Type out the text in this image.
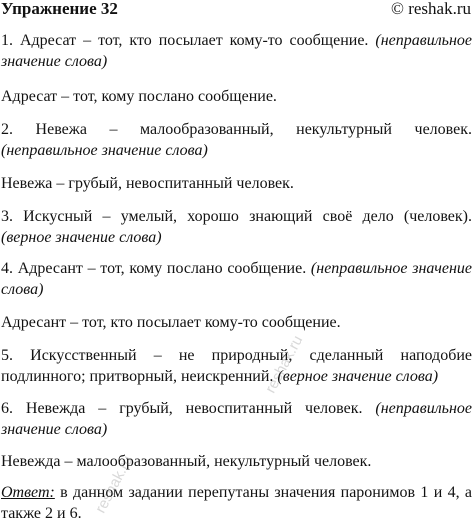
Упражнение 32	© reshak.ru

1. Адресат – тот, кто посылает кому-то сообщение. (неправильное значение слова)

Адресат – тот, кому послано сообщение.

2. Невежа – малообразованный, некультурный человек. (неправильное значение слова)

Невежа – грубый, невоспитанный человек.

3. Искусный – умелый, хорошо знающий своё дело (человек). (верное значение слова)

4. Адресант – тот, кому послано сообщение. (неправильное значение слова)

Адресант – тот, кто посылает кому-то сообщение.

5. Искусственный – не природный, сделанный наподобие подлинного; притворный, неискренний. (верное значение слова)

6. Невежда – грубый, невоспитанный человек. (неправильное значение слова)

Невежда – малообразованный, некультурный человек.

Ответ: в данном задании перепутаны значения паронимов 1 и 4, а также 2 и 6.

reshak.ru
reshak.ru
